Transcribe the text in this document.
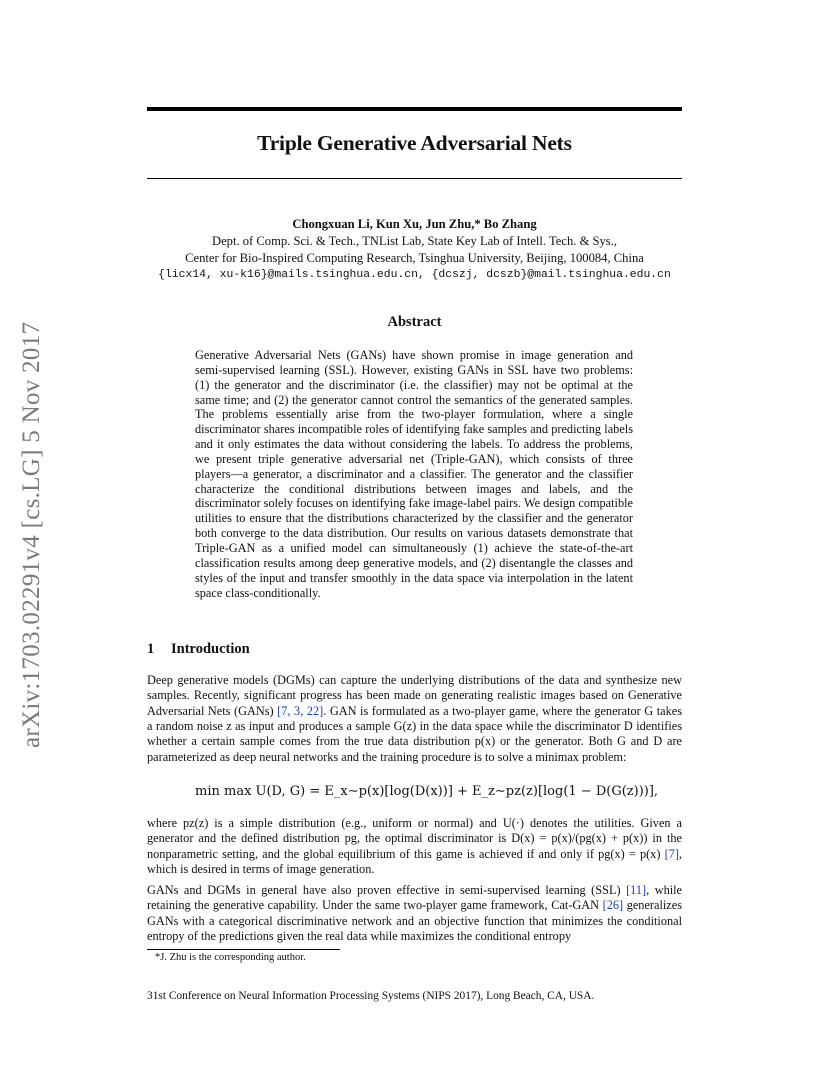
Triple Generative Adversarial Nets
Chongxuan Li, Kun Xu, Jun Zhu,* Bo Zhang
Dept. of Comp. Sci. & Tech., TNList Lab, State Key Lab of Intell. Tech. & Sys.,
Center for Bio-Inspired Computing Research, Tsinghua University, Beijing, 100084, China
{licx14, xu-k16}@mails.tsinghua.edu.cn, {dcszj, dcszb}@mail.tsinghua.edu.cn
arXiv:1703.02291v4 [cs.LG] 5 Nov 2017	Abstract
Generative Adversarial Nets (GANs) have shown promise in image generation and semi-supervised learning (SSL). However, existing GANs in SSL have two problems: (1) the generator and the discriminator (i.e. the classifier) may not be optimal at the same time; and (2) the generator cannot control the semantics of the generated samples. The problems essentially arise from the two-player formulation, where a single discriminator shares incompatible roles of identifying fake samples and predicting labels and it only estimates the data without considering the labels. To address the problems, we present triple generative adversarial net (Triple-GAN), which consists of three players—a generator, a discriminator and a classifier. The generator and the classifier characterize the conditional distributions between images and labels, and the discriminator solely focuses on identifying fake image-label pairs. We design compatible utilities to ensure that the distributions characterized by the classifier and the generator both converge to the data distribution. Our results on various datasets demonstrate that Triple-GAN as a unified model can simultaneously (1) achieve the state-of-the-art classification results among deep generative models, and (2) disentangle the classes and styles of the input and transfer smoothly in the data space via interpolation in the latent space class-conditionally.
1 Introduction
Deep generative models (DGMs) can capture the underlying distributions of the data and synthesize new samples. Recently, significant progress has been made on generating realistic images based on Generative Adversarial Nets (GANs) [7, 3, 22]. GAN is formulated as a two-player game, where the generator G takes a random noise z as input and produces a sample G(z) in the data space while the discriminator D identifies whether a certain sample comes from the true data distribution p(x) or the generator. Both G and D are parameterized as deep neural networks and the training procedure is to solve a minimax problem:
min max U(D, G) = E_x∼p(x)[log(D(x))] + E_z∼pz(z)[log(1 − D(G(z)))],
where pz(z) is a simple distribution (e.g., uniform or normal) and U(·) denotes the utilities. Given a generator and the defined distribution pg, the optimal discriminator is D(x) = p(x)/(pg(x) + p(x)) in the nonparametric setting, and the global equilibrium of this game is achieved if and only if pg(x) = p(x) [7], which is desired in terms of image generation.
GANs and DGMs in general have also proven effective in semi-supervised learning (SSL) [11], while retaining the generative capability. Under the same two-player game framework, Cat-GAN [26] generalizes GANs with a categorical discriminative network and an objective function that minimizes the conditional entropy of the predictions given the real data while maximizes the conditional entropy
*J. Zhu is the corresponding author.
31st Conference on Neural Information Processing Systems (NIPS 2017), Long Beach, CA, USA.
